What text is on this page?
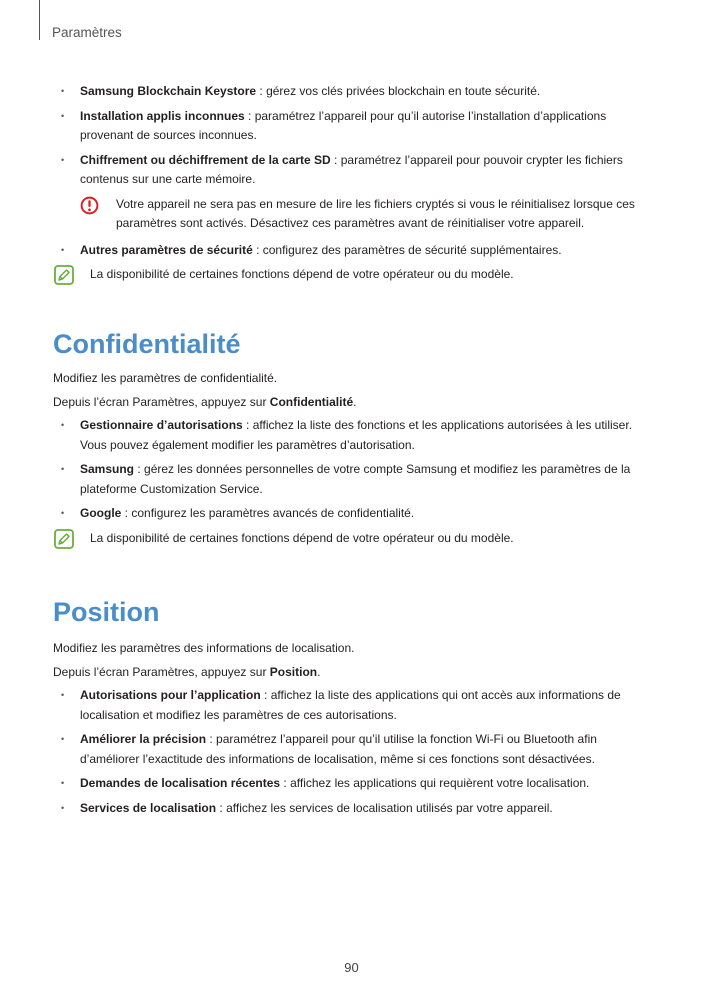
Paramètres
• Samsung Blockchain Keystore : gérez vos clés privées blockchain en toute sécurité.
• Installation applis inconnues : paramétrez l’appareil pour qu’il autorise l’installation d’applications provenant de sources inconnues.
• Chiffrement ou déchiffrement de la carte SD : paramétrez l’appareil pour pouvoir crypter les fichiers contenus sur une carte mémoire.
Votre appareil ne sera pas en mesure de lire les fichiers cryptés si vous le réinitialisez lorsque ces paramètres sont activés. Désactivez ces paramètres avant de réinitialiser votre appareil.
• Autres paramètres de sécurité : configurez des paramètres de sécurité supplémentaires.
La disponibilité de certaines fonctions dépend de votre opérateur ou du modèle.
Confidentialité

Modifiez les paramètres de confidentialité.

Depuis l’écran Paramètres, appuyez sur Confidentialité.

• Gestionnaire d’autorisations : affichez la liste des fonctions et les applications autorisées à les utiliser. Vous pouvez également modifier les paramètres d’autorisation.
• Samsung : gérez les données personnelles de votre compte Samsung et modifiez les paramètres de la plateforme Customization Service.
• Google : configurez les paramètres avancés de confidentialité.
La disponibilité de certaines fonctions dépend de votre opérateur ou du modèle.
Position

Modifiez les paramètres des informations de localisation.

Depuis l’écran Paramètres, appuyez sur Position.

• Autorisations pour l’application : affichez la liste des applications qui ont accès aux informations de localisation et modifiez les paramètres de ces autorisations.
• Améliorer la précision : paramétrez l’appareil pour qu’il utilise la fonction Wi-Fi ou Bluetooth afin d’améliorer l’exactitude des informations de localisation, même si ces fonctions sont désactivées.
• Demandes de localisation récentes : affichez les applications qui requièrent votre localisation.
• Services de localisation : affichez les services de localisation utilisés par votre appareil.
90
